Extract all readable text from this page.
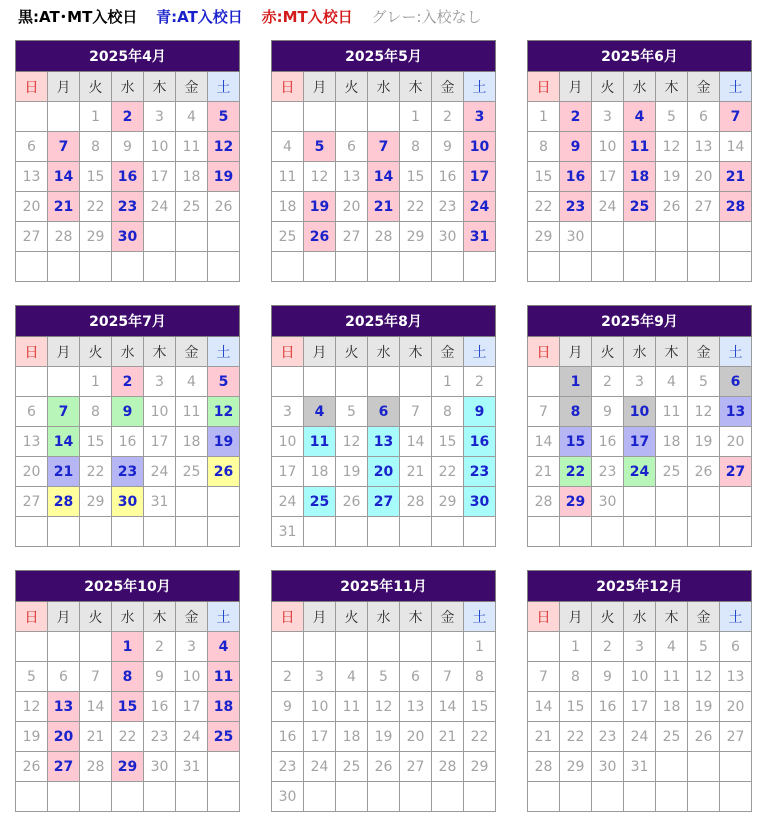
黒:AT･MT入校日 青:AT入校日 赤:MT入校日 グレー:入校なし
2025年4月						
日	月	火	水	木	金	土
		1	2	3	4	5
6	7	8	9	10	11	12
13	14	15	16	17	18	19
20	21	22	23	24	25	26
27	28	29	30			

2025年5月						
日	月	火	水	木	金	土
				1	2	3
4	5	6	7	8	9	10
11	12	13	14	15	16	17
18	19	20	21	22	23	24
25	26	27	28	29	30	31

2025年6月						
日	月	火	水	木	金	土
1	2	3	4	5	6	7
8	9	10	11	12	13	14
15	16	17	18	19	20	21
22	23	24	25	26	27	28
29	30					

2025年7月						
日	月	火	水	木	金	土
		1	2	3	4	5
6	7	8	9	10	11	12
13	14	15	16	17	18	19
20	21	22	23	24	25	26
27	28	29	30	31		

2025年8月						
日	月	火	水	木	金	土
					1	2
3	4	5	6	7	8	9
10	11	12	13	14	15	16
17	18	19	20	21	22	23
24	25	26	27	28	29	30
31						
2025年9月						
日	月	火	水	木	金	土
	1	2	3	4	5	6
7	8	9	10	11	12	13
14	15	16	17	18	19	20
21	22	23	24	25	26	27
28	29	30				

2025年10月						
日	月	火	水	木	金	土
			1	2	3	4
5	6	7	8	9	10	11
12	13	14	15	16	17	18
19	20	21	22	23	24	25
26	27	28	29	30	31	

2025年11月						
日	月	火	水	木	金	土
						1
2	3	4	5	6	7	8
9	10	11	12	13	14	15
16	17	18	19	20	21	22
23	24	25	26	27	28	29
30						
2025年12月						
日	月	火	水	木	金	土
	1	2	3	4	5	6
7	8	9	10	11	12	13
14	15	16	17	18	19	20
21	22	23	24	25	26	27
28	29	30	31			
